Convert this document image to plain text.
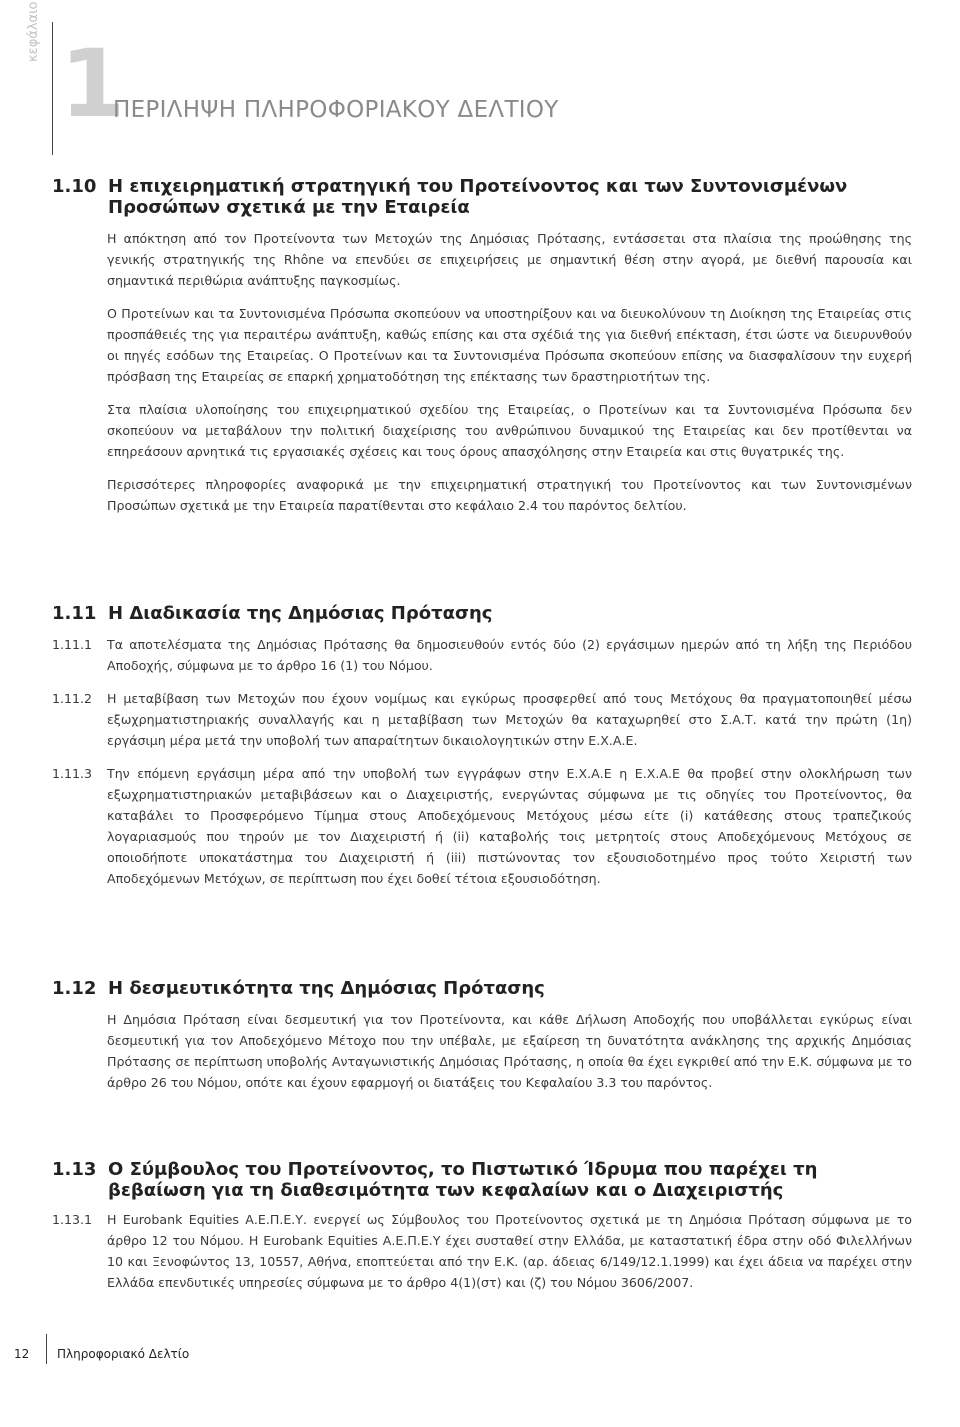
κεφάλαιο 1
ΠΕΡΙΛΗΨΗ ΠΛΗΡΟΦΟΡΙΑΚΟΥ ΔΕΛΤΙΟΥ
1.10 Η επιχειρηματική στρατηγική του Προτείνοντος και των Συντονισμένων Προσώπων σχετικά με την Εταιρεία

Η απόκτηση από τον Προτείνοντα των Μετοχών της Δημόσιας Πρότασης, εντάσσεται στα πλαίσια της προώθησης της γενικής στρατηγικής της Rhône να επενδύει σε επιχειρήσεις με σημαντική θέση στην αγορά, με διεθνή παρουσία και σημαντικά περιθώρια ανάπτυξης παγκοσμίως.

Ο Προτείνων και τα Συντονισμένα Πρόσωπα σκοπεύουν να υποστηρίξουν και να διευκολύνουν τη Διοίκηση της Εταιρείας στις προσπάθειές της για περαιτέρω ανάπτυξη, καθώς επίσης και στα σχέδιά της για διεθνή επέκταση, έτσι ώστε να διευρυνθούν οι πηγές εσόδων της Εταιρείας. Ο Προτείνων και τα Συντονισμένα Πρόσωπα σκοπεύουν επίσης να διασφαλίσουν την ευχερή πρόσβαση της Εταιρείας σε επαρκή χρηματοδότηση της επέκτασης των δραστηριοτήτων της.

Στα πλαίσια υλοποίησης του επιχειρηματικού σχεδίου της Εταιρείας, ο Προτείνων και τα Συντονισμένα Πρόσωπα δεν σκοπεύουν να μεταβάλουν την πολιτική διαχείρισης του ανθρώπινου δυναμικού της Εταιρείας και δεν προτίθενται να επηρεάσουν αρνητικά τις εργασιακές σχέσεις και τους όρους απασχόλησης στην Εταιρεία και στις θυγατρικές της.

Περισσότερες πληροφορίες αναφορικά με την επιχειρηματική στρατηγική του Προτείνοντος και των Συντονισμένων Προσώπων σχετικά με την Εταιρεία παρατίθενται στο κεφάλαιο 2.4 του παρόντος δελτίου.

1.11 Η Διαδικασία της Δημόσιας Πρότασης
1.11.1	Τα αποτελέσματα της Δημόσιας Πρότασης θα δημοσιευθούν εντός δύο (2) εργάσιμων ημερών από τη λήξη της Περιόδου Αποδοχής, σύμφωνα με το άρθρο 16 (1) του Νόμου.
1.11.2	Η μεταβίβαση των Μετοχών που έχουν νομίμως και εγκύρως προσφερθεί από τους Μετόχους θα πραγματοποιηθεί μέσω εξωχρηματιστηριακής συναλλαγής και η μεταβίβαση των Μετοχών θα καταχωρηθεί στο Σ.Α.Τ. κατά την πρώτη (1η) εργάσιμη μέρα μετά την υποβολή των απαραίτητων δικαιολογητικών στην Ε.Χ.Α.Ε.
1.11.3	Την επόμενη εργάσιμη μέρα από την υποβολή των εγγράφων στην Ε.Χ.Α.Ε η Ε.Χ.Α.Ε θα προβεί στην ολοκλήρωση των εξωχρηματιστηριακών μεταβιβάσεων και ο Διαχειριστής, ενεργώντας σύμφωνα με τις οδηγίες του Προτείνοντος, θα καταβάλει το Προσφερόμενο Τίμημα στους Αποδεχόμενους Μετόχους μέσω είτε (i) κατάθεσης στους τραπεζικούς λογαριασμούς που τηρούν με τον Διαχειριστή ή (ii) καταβολής τοις μετρητοίς στους Αποδεχόμενους Μετόχους σε οποιοδήποτε υποκατάστημα του Διαχειριστή ή (iii) πιστώνοντας τον εξουσιοδοτημένο προς τούτο Χειριστή των Αποδεχόμενων Μετόχων, σε περίπτωση που έχει δοθεί τέτοια εξουσιοδότηση.
1.12 Η δεσμευτικότητα της Δημόσιας Πρότασης

Η Δημόσια Πρόταση είναι δεσμευτική για τον Προτείνοντα, και κάθε Δήλωση Αποδοχής που υποβάλλεται εγκύρως είναι δεσμευτική για τον Αποδεχόμενο Μέτοχο που την υπέβαλε, με εξαίρεση τη δυνατότητα ανάκλησης της αρχικής Δημόσιας Πρότασης σε περίπτωση υποβολής Ανταγωνιστικής Δημόσιας Πρότασης, η οποία θα έχει εγκριθεί από την Ε.Κ. σύμφωνα με το άρθρο 26 του Νόμου, οπότε και έχουν εφαρμογή οι διατάξεις του Κεφαλαίου 3.3 του παρόντος.

1.13 Ο Σύμβουλος του Προτείνοντος, το Πιστωτικό Ίδρυμα που παρέχει τη βεβαίωση για τη διαθεσιμότητα των κεφαλαίων και ο Διαχειριστής
1.13.1	Η Eurobank Equities Α.Ε.Π.Ε.Υ. ενεργεί ως Σύμβουλος του Προτείνοντος σχετικά με τη Δημόσια Πρόταση σύμφωνα με το άρθρο 12 του Νόμου. Η Eurobank Equities Α.Ε.Π.Ε.Υ έχει συσταθεί στην Ελλάδα, με καταστατική έδρα στην οδό Φιλελλήνων 10 και Ξενοφώντος 13, 10557, Αθήνα, εποπτεύεται από την Ε.Κ. (αρ. άδειας 6/149/12.1.1999) και έχει άδεια να παρέχει στην Ελλάδα επενδυτικές υπηρεσίες σύμφωνα με το άρθρο 4(1)(στ) και (ζ) του Νόμου 3606/2007.
12 Πληροφοριακό Δελτίο
